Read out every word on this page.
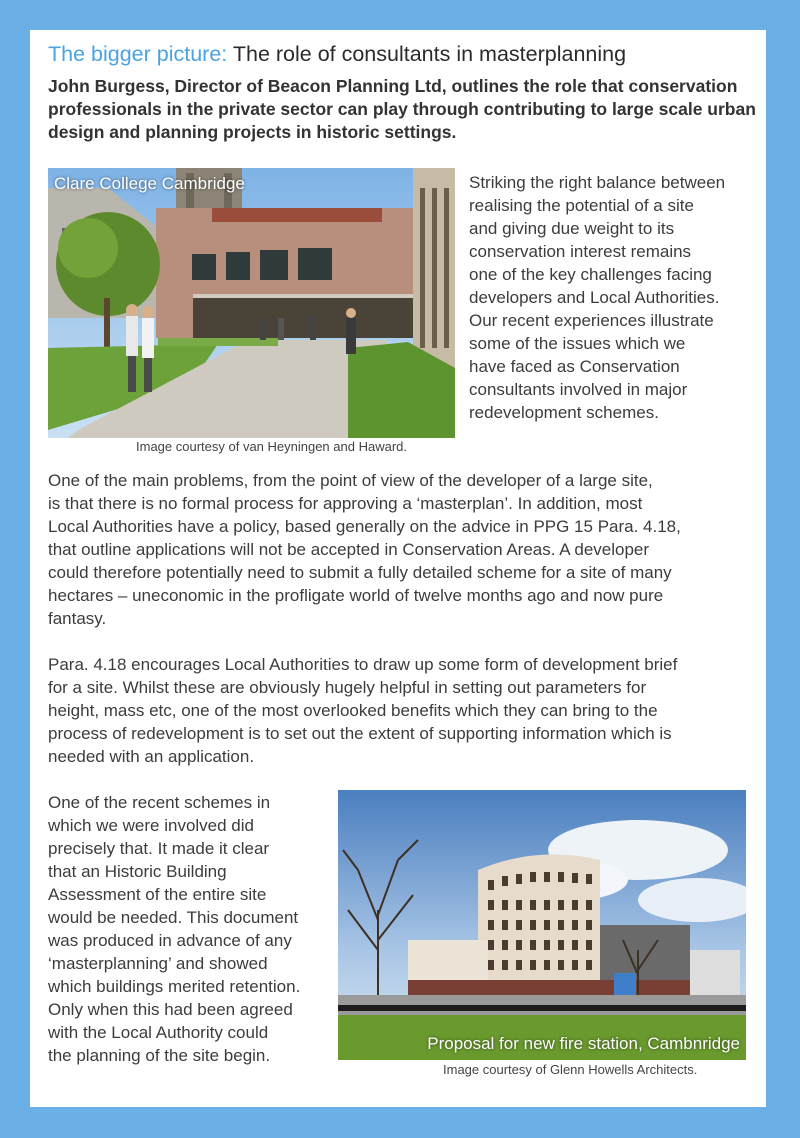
The bigger picture: The role of consultants in masterplanning
John Burgess, Director of Beacon Planning Ltd, outlines the role that conservation professionals in the private sector can play through contributing to large scale urban design and planning projects in historic settings.
Clare College Cambridge
Image courtesy of van Heyningen and Haward.
Striking the right balance between
realising the potential of a site
and giving due weight to its
conservation interest remains
one of the key challenges facing
developers and Local Authorities.
Our recent experiences illustrate
some of the issues which we
have faced as Conservation
consultants involved in major
redevelopment schemes.
One of the main problems, from the point of view of the developer of a large site,
is that there is no formal process for approving a ‘masterplan’. In addition, most
Local Authorities have a policy, based generally on the advice in PPG 15 Para. 4.18,
that outline applications will not be accepted in Conservation Areas. A developer
could therefore potentially need to submit a fully detailed scheme for a site of many
hectares – uneconomic in the profligate world of twelve months ago and now pure
fantasy.
Para. 4.18 encourages Local Authorities to draw up some form of development brief
for a site. Whilst these are obviously hugely helpful in setting out parameters for
height, mass etc, one of the most overlooked benefits which they can bring to the
process of redevelopment is to set out the extent of supporting information which is
needed with an application.
One of the recent schemes in
which we were involved did
precisely that. It made it clear
that an Historic Building
Assessment of the entire site
would be needed. This document
was produced in advance of any
‘masterplanning’ and showed
which buildings merited retention.
Only when this had been agreed
with the Local Authority could
the planning of the site begin.
Proposal for new fire station, Cambnridge
Image courtesy of Glenn Howells Architects.
